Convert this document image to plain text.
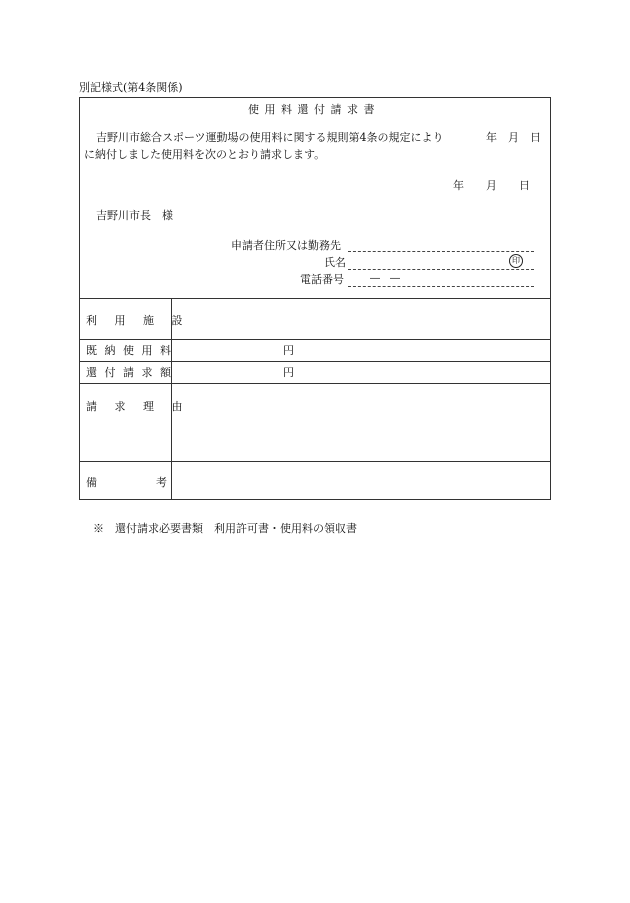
別記様式(第4条関係)
使 用 料 還 付 請 求 書
吉野川市総合スポーツ運動場の使用料に関する規則第4条の規定により	年　月　日
に納付しました使用料を次のとおり請求します。
年　　月　　日
吉野川市長　様
申請者住所又は勤務先
氏名	印
電話番号	―　―
利 用 施 設
既 納 使 用 料	円
還 付 請 求 額	円
請 求 理 由
備	考
※　還付請求必要書類　利用許可書・使用料の領収書
